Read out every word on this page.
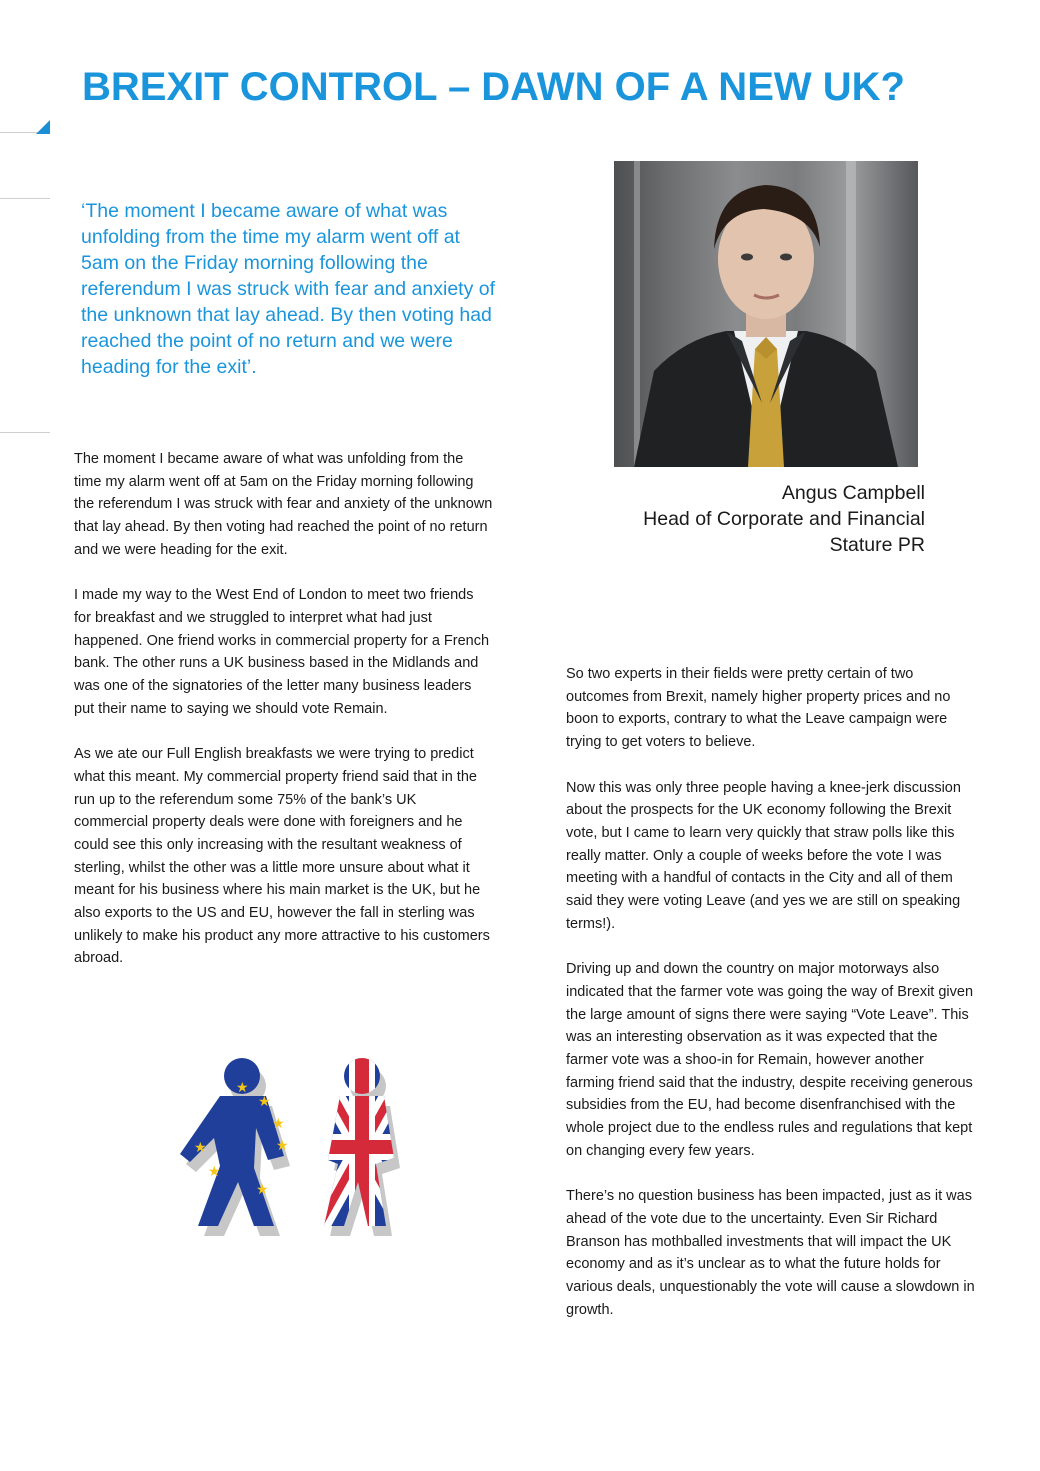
BREXIT CONTROL – DAWN OF A NEW UK?
‘The moment I became aware of what was unfolding from the time my alarm went off at 5am on the Friday morning following the referendum I was struck with fear and anxiety of the unknown that lay ahead. By then voting had reached the point of no return and we were heading for the exit’.

The moment I became aware of what was unfolding from the time my alarm went off at 5am on the Friday morning following the referendum I was struck with fear and anxiety of the unknown that lay ahead. By then voting had reached the point of no return and we were heading for the exit.

I made my way to the West End of London to meet two friends for breakfast and we struggled to interpret what had just happened. One friend works in commercial property for a French bank. The other runs a UK business based in the Midlands and was one of the signatories of the letter many business leaders put their name to saying we should vote Remain.

As we ate our Full English breakfasts we were trying to predict what this meant. My commercial property friend said that in the run up to the referendum some 75% of the bank’s UK commercial property deals were done with foreigners and he could see this only increasing with the resultant weakness of sterling, whilst the other was a little more unsure about what it meant for his business where his main market is the UK, but he also exports to the US and EU, however the fall in sterling was unlikely to make his product any more attractive to his customers abroad.

Angus Campbell
Head of Corporate and Financial
Stature PR

So two experts in their fields were pretty certain of two outcomes from Brexit, namely higher property prices and no boon to exports, contrary to what the Leave campaign were trying to get voters to believe.

Now this was only three people having a knee-jerk discussion about the prospects for the UK economy following the Brexit vote, but I came to learn very quickly that straw polls like this really matter. Only a couple of weeks before the vote I was meeting with a handful of contacts in the City and all of them said they were voting Leave (and yes we are still on speaking terms!).

Driving up and down the country on major motorways also indicated that the farmer vote was going the way of Brexit given the large amount of signs there were saying “Vote Leave”. This was an interesting observation as it was expected that the farmer vote was a shoo-in for Remain, however another farming friend said that the industry, despite receiving generous subsidies from the EU, had become disenfranchised with the whole project due to the endless rules and regulations that kept on changing every few years.

There’s no question business has been impacted, just as it was ahead of the vote due to the uncertainty. Even Sir Richard Branson has mothballed investments that will impact the UK economy and as it’s unclear as to what the future holds for various deals, unquestionably the vote will cause a slowdown in growth.

★
★
★
★
★
★
★
